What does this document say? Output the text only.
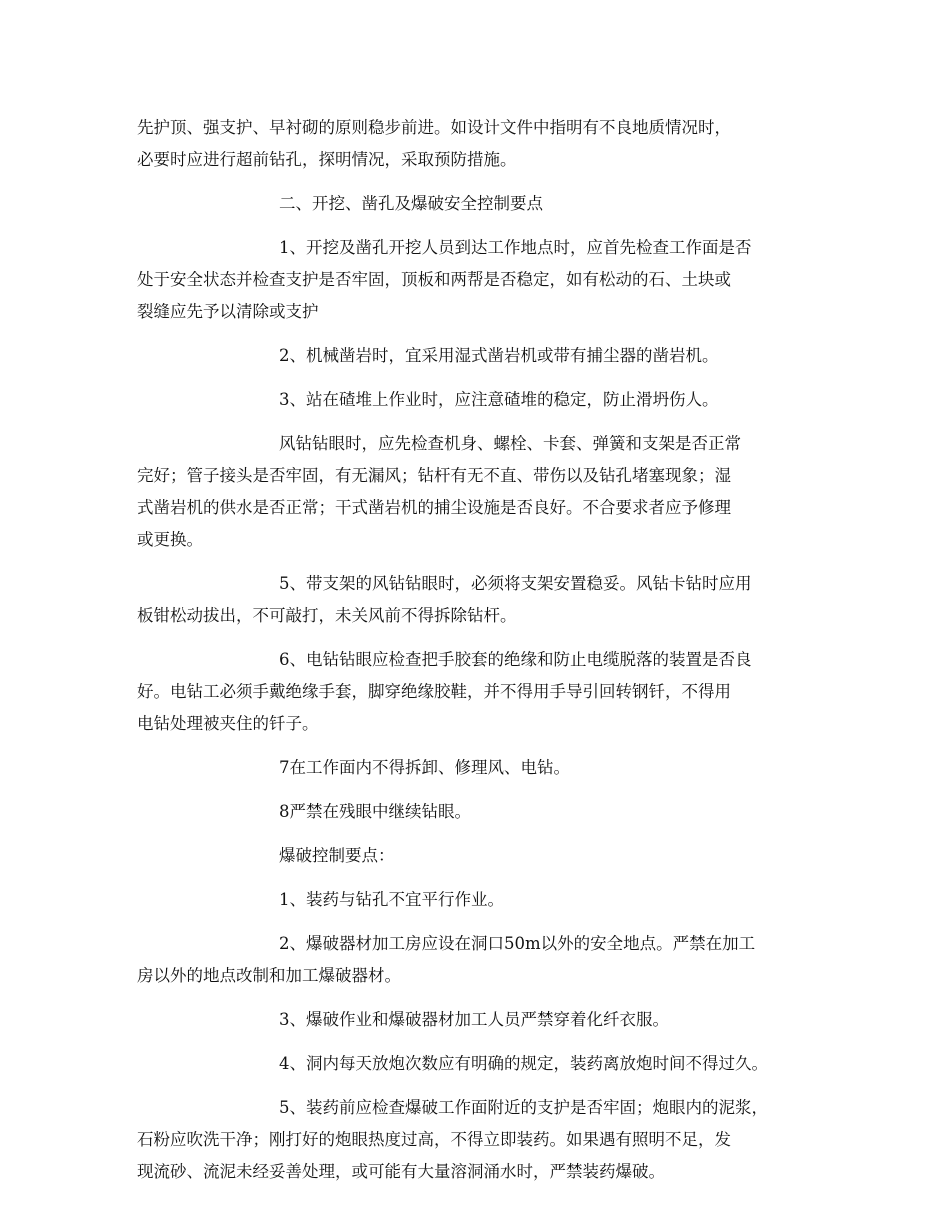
先护顶、强支护、早衬砌的原则稳步前进。如设计文件中指明有不良地质情况时，
必要时应进行超前钻孔，探明情况，采取预防措施。

二、开挖、凿孔及爆破安全控制要点

1、开挖及凿孔开挖人员到达工作地点时，应首先检查工作面是否
处于安全状态并检查支护是否牢固，顶板和两帮是否稳定，如有松动的石、土块或
裂缝应先予以清除或支护

2、机械凿岩时，宜采用湿式凿岩机或带有捕尘器的凿岩机。

3、站在碴堆上作业时，应注意碴堆的稳定，防止滑坍伤人。

风钻钻眼时，应先检查机身、螺栓、卡套、弹簧和支架是否正常
完好；管子接头是否牢固，有无漏风；钻杆有无不直、带伤以及钻孔堵塞现象；湿
式凿岩机的供水是否正常；干式凿岩机的捕尘设施是否良好。不合要求者应予修理
或更换。

5、带支架的风钻钻眼时，必须将支架安置稳妥。风钻卡钻时应用
板钳松动拔出，不可敲打，未关风前不得拆除钻杆。

6、电钻钻眼应检查把手胶套的绝缘和防止电缆脱落的装置是否良
好。电钻工必须手戴绝缘手套，脚穿绝缘胶鞋，并不得用手导引回转钢钎，不得用
电钻处理被夹住的钎子。

7在工作面内不得拆卸、修理风、电钻。

8严禁在残眼中继续钻眼。

爆破控制要点：

1、装药与钻孔不宜平行作业。

2、爆破器材加工房应设在洞口50m以外的安全地点。严禁在加工
房以外的地点改制和加工爆破器材。

3、爆破作业和爆破器材加工人员严禁穿着化纤衣服。

4、洞内每天放炮次数应有明确的规定，装药离放炮时间不得过久。

5、装药前应检查爆破工作面附近的支护是否牢固；炮眼内的泥浆，
石粉应吹洗干净；刚打好的炮眼热度过高，不得立即装药。如果遇有照明不足，发
现流砂、流泥未经妥善处理，或可能有大量溶洞涌水时，严禁装药爆破。
